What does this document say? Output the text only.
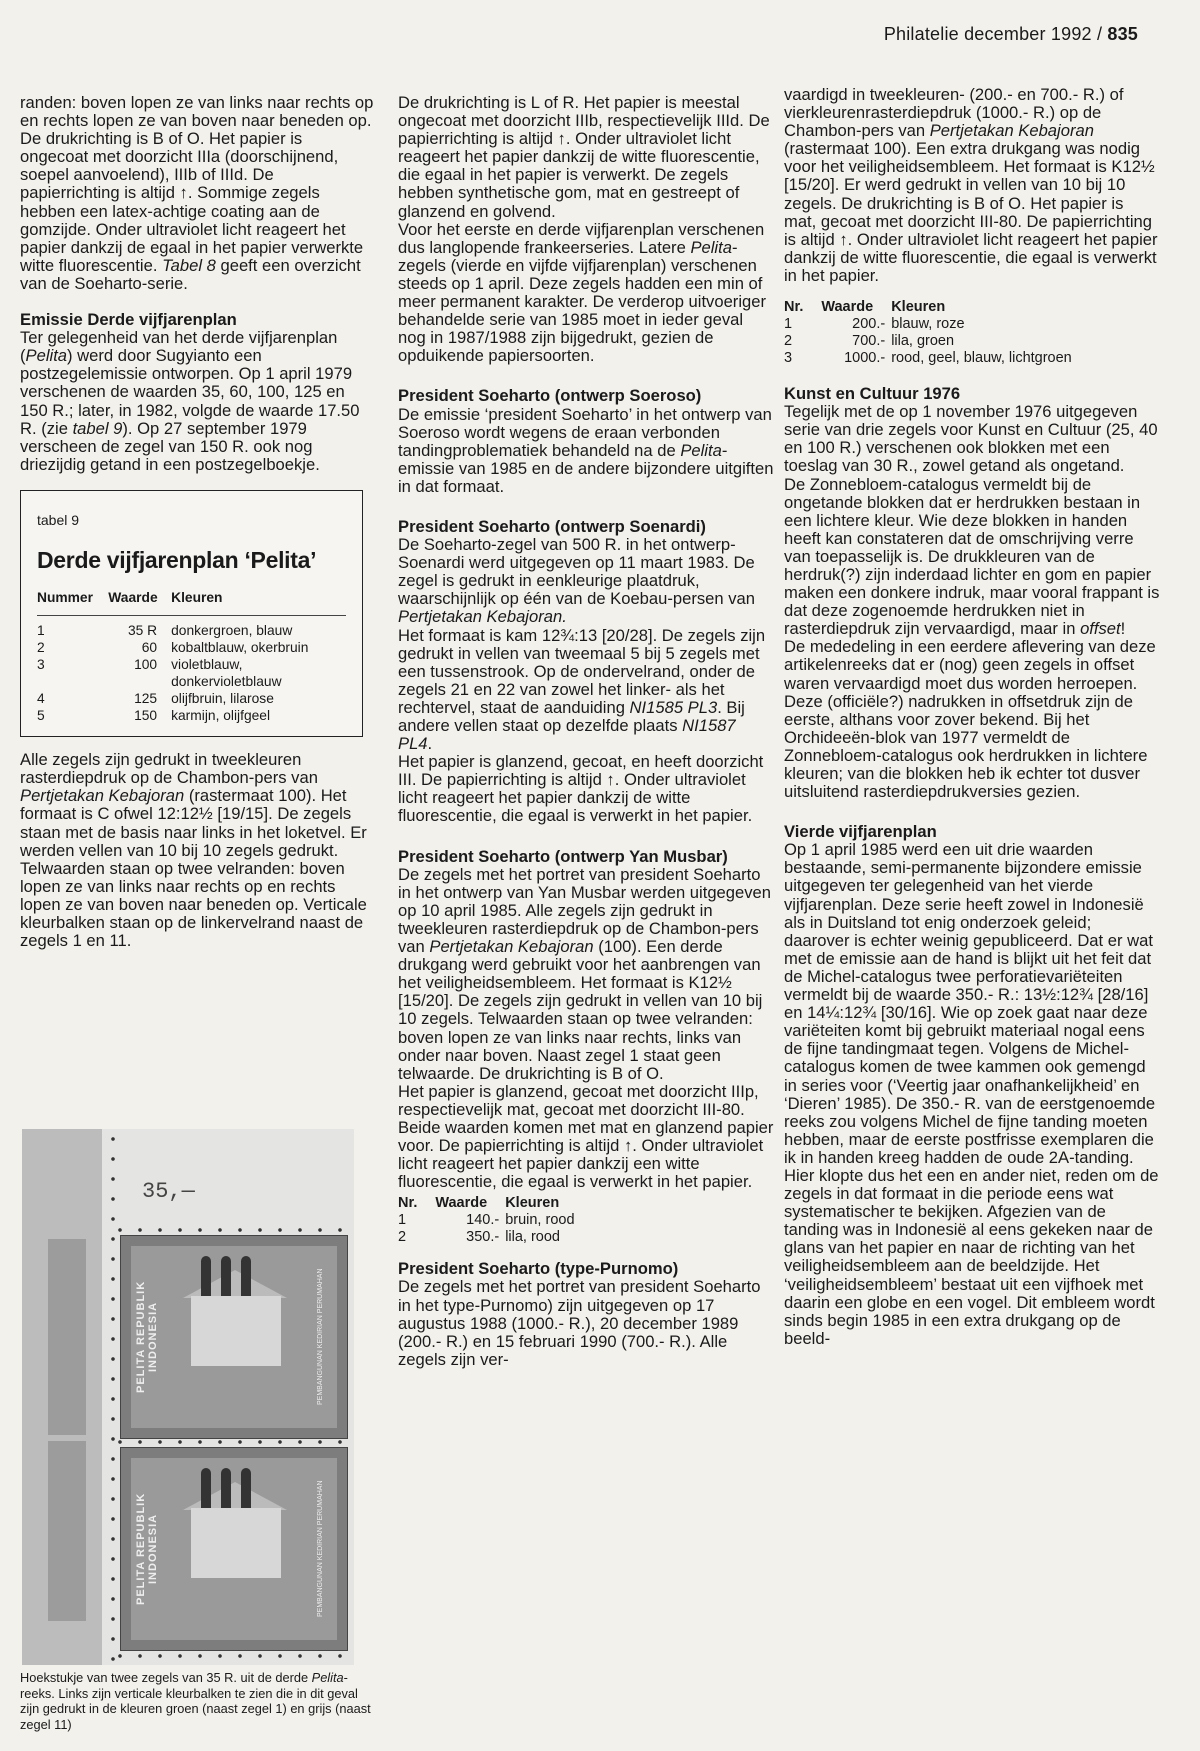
Philatelie december 1992 / 835

randen: boven lopen ze van links naar rechts op en rechts lopen ze van boven naar beneden op. De drukrichting is B of O. Het papier is ongecoat met doorzicht IIIa (doorschijnend, soepel aanvoelend), IIIb of IIId. De papierrichting is altijd ↑. Sommige zegels hebben een latex-achtige coating aan de gomzijde. Onder ultraviolet licht reageert het papier dankzij de egaal in het papier verwerkte witte fluorescentie. Tabel 8 geeft een overzicht van de Soeharto-serie.

Emissie Derde vijfjarenplan

Ter gelegenheid van het derde vijfjarenplan (Pelita) werd door Sugyianto een postzegelemissie ontworpen. Op 1 april 1979 verschenen de waarden 35, 60, 100, 125 en 150 R.; later, in 1982, volgde de waarde 17.50 R. (zie tabel 9). Op 27 september 1979 verscheen de zegel van 150 R. ook nog driezijdig getand in een postzegelboekje.

tabel 9
Derde vijfjarenplan ‘Pelita’
Nummer	Waarde	Kleuren
1	35 R	donkergroen, blauw
2	60	kobaltblauw, okerbruin
3	100	violetblauw,
		donkervioletblauw
4	125	olijfbruin, lilarose
5	150	karmijn, olijfgeel

Alle zegels zijn gedrukt in tweekleuren rasterdiepdruk op de Chambon-pers van Pertjetakan Kebajoran (rastermaat 100). Het formaat is C ofwel 12:12½ [19/15]. De zegels staan met de basis naar links in het loketvel. Er werden vellen van 10 bij 10 zegels gedrukt. Telwaarden staan op twee velranden: boven lopen ze van links naar rechts op en rechts lopen ze van boven naar beneden op. Verticale kleurbalken staan op de linkervelrand naast de zegels 1 en 11.

35,—
PELITA REPUBLIK INDONESIA	PEMBANGUNAN KEDIRIAN PERUMAHAN
PELITA REPUBLIK INDONESIA	PEMBANGUNAN KEDIRIAN PERUMAHAN
Hoekstukje van twee zegels van 35 R. uit de derde Pelita-reeks. Links zijn verticale kleurbalken te zien die in dit geval zijn gedrukt in de kleuren groen (naast zegel 1) en grijs (naast zegel 11)

De drukrichting is L of R. Het papier is meestal ongecoat met doorzicht IIIb, respectievelijk IIId. De papierrichting is altijd ↑. Onder ultraviolet licht reageert het papier dankzij de witte fluorescentie, die egaal in het papier is verwerkt. De zegels hebben synthetische gom, mat en gestreept of glanzend en golvend.

Voor het eerste en derde vijfjarenplan verschenen dus langlopende frankeerseries. Latere Pelita-zegels (vierde en vijfde vijfjarenplan) verschenen steeds op 1 april. Deze zegels hadden een min of meer permanent karakter. De verderop uitvoeriger behandelde serie van 1985 moet in ieder geval nog in 1987/1988 zijn bijgedrukt, gezien de opduikende papiersoorten.

President Soeharto (ontwerp Soeroso)

De emissie ‘president Soeharto’ in het ontwerp van Soeroso wordt wegens de eraan verbonden tandingproblematiek behandeld na de Pelita-emissie van 1985 en de andere bijzondere uitgiften in dat formaat.

President Soeharto (ontwerp Soenardi)

De Soeharto-zegel van 500 R. in het ontwerp-Soenardi werd uitgegeven op 11 maart 1983. De zegel is gedrukt in eenkleurige plaatdruk, waarschijnlijk op één van de Koebau-persen van Pertjetakan Kebajoran.

Het formaat is kam 12¾:13 [20/28]. De zegels zijn gedrukt in vellen van tweemaal 5 bij 5 zegels met een tussenstrook. Op de ondervelrand, onder de zegels 21 en 22 van zowel het linker- als het rechtervel, staat de aanduiding NI1585 PL3. Bij andere vellen staat op dezelfde plaats NI1587 PL4.

Het papier is glanzend, gecoat, en heeft doorzicht III. De papierrichting is altijd ↑. Onder ultraviolet licht reageert het papier dankzij de witte fluorescentie, die egaal is verwerkt in het papier.

President Soeharto (ontwerp Yan Musbar)

De zegels met het portret van president Soeharto in het ontwerp van Yan Musbar werden uitgegeven op 10 april 1985. Alle zegels zijn gedrukt in tweekleuren rasterdiepdruk op de Chambon-pers van Pertjetakan Kebajoran (100). Een derde drukgang werd gebruikt voor het aanbrengen van het veiligheidsembleem. Het formaat is K12½ [15/20]. De zegels zijn gedrukt in vellen van 10 bij 10 zegels. Telwaarden staan op twee velranden: boven lopen ze van links naar rechts, links van onder naar boven. Naast zegel 1 staat geen telwaarde. De drukrichting is B of O.

Het papier is glanzend, gecoat met doorzicht IIIp, respectievelijk mat, gecoat met doorzicht III-80. Beide waarden komen met mat en glanzend papier voor. De papierrichting is altijd ↑. Onder ultraviolet licht reageert het papier dankzij een witte fluorescentie, die egaal is verwerkt in het papier.

Nr.	Waarde	Kleuren
1	140.-	bruin, rood
2	350.-	lila, rood
President Soeharto (type-Purnomo)

De zegels met het portret van president Soeharto in het type-Purnomo) zijn uitgegeven op 17 augustus 1988 (1000.- R.), 20 december 1989 (200.- R.) en 15 februari 1990 (700.- R.). Alle zegels zijn ver-

vaardigd in tweekleuren- (200.- en 700.- R.) of vierkleurenrasterdiepdruk (1000.- R.) op de Chambon-pers van Pertjetakan Kebajoran (rastermaat 100). Een extra drukgang was nodig voor het veiligheidsembleem. Het formaat is K12½ [15/20]. Er werd gedrukt in vellen van 10 bij 10 zegels. De drukrichting is B of O. Het papier is mat, gecoat met doorzicht III-80. De papierrichting is altijd ↑. Onder ultraviolet licht reageert het papier dankzij de witte fluorescentie, die egaal is verwerkt in het papier.

Nr.	Waarde	Kleuren
1	200.-	blauw, roze
2	700.-	lila, groen
3	1000.-	rood, geel, blauw, lichtgroen
Kunst en Cultuur 1976

Tegelijk met de op 1 november 1976 uitgegeven serie van drie zegels voor Kunst en Cultuur (25, 40 en 100 R.) verschenen ook blokken met een toeslag van 30 R., zowel getand als ongetand.

De Zonnebloem-catalogus vermeldt bij de ongetande blokken dat er herdrukken bestaan in een lichtere kleur. Wie deze blokken in handen heeft kan constateren dat de omschrijving verre van toepasselijk is. De drukkleuren van de herdruk(?) zijn inderdaad lichter en gom en papier maken een donkere indruk, maar vooral frappant is dat deze zogenoemde herdrukken niet in rasterdiepdruk zijn vervaardigd, maar in offset!

De mededeling in een eerdere aflevering van deze artikelenreeks dat er (nog) geen zegels in offset waren vervaardigd moet dus worden herroepen. Deze (officiële?) nadrukken in offsetdruk zijn de eerste, althans voor zover bekend. Bij het Orchideeën-blok van 1977 vermeldt de Zonnebloem-catalogus ook herdrukken in lichtere kleuren; van die blokken heb ik echter tot dusver uitsluitend rasterdiepdrukversies gezien.

Vierde vijfjarenplan

Op 1 april 1985 werd een uit drie waarden bestaande, semi-permanente bijzondere emissie uitgegeven ter gelegenheid van het vierde vijfjarenplan. Deze serie heeft zowel in Indonesië als in Duitsland tot enig onderzoek geleid; daarover is echter weinig gepubliceerd. Dat er wat met de emissie aan de hand is blijkt uit het feit dat de Michel-catalogus twee perforatievariëteiten vermeldt bij de waarde 350.- R.: 13½:12¾ [28/16] en 14¼:12¾ [30/16]. Wie op zoek gaat naar deze variëteiten komt bij gebruikt materiaal nogal eens de fijne tandingmaat tegen. Volgens de Michel-catalogus komen de twee kammen ook gemengd in series voor (‘Veertig jaar onafhankelijkheid’ en ‘Dieren’ 1985). De 350.- R. van de eerstgenoemde reeks zou volgens Michel de fijne tanding moeten hebben, maar de eerste postfrisse exemplaren die ik in handen kreeg hadden de oude 2A-tanding. Hier klopte dus het een en ander niet, reden om de zegels in dat formaat in die periode eens wat systematischer te bekijken. Afgezien van de tanding was in Indonesië al eens gekeken naar de glans van het papier en naar de richting van het veiligheidsembleem aan de beeldzijde. Het ‘veiligheidsembleem’ bestaat uit een vijfhoek met daarin een globe en een vogel. Dit embleem wordt sinds begin 1985 in een extra drukgang op de beeld-
